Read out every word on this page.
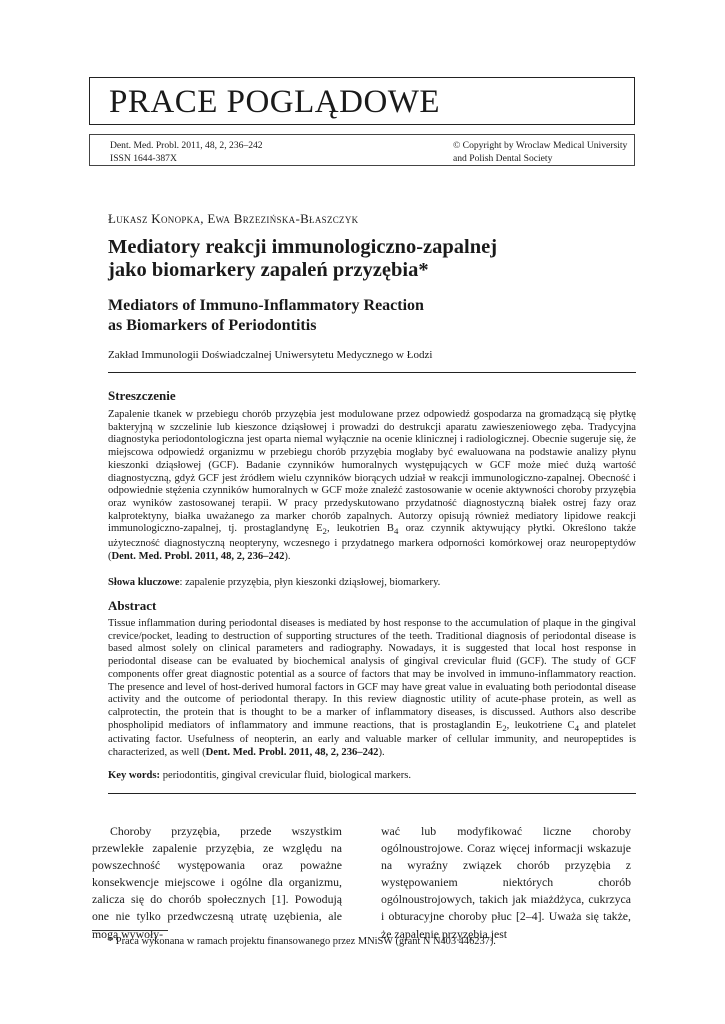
PRACE POGLĄDOWE
Dent. Med. Probl. 2011, 48, 2, 236–242
ISSN 1644-387X
© Copyright by Wroclaw Medical University
and Polish Dental Society
Łukasz Konopka, Ewa Brzezińska-Błaszczyk
Mediatory reakcji immunologiczno-zapalnej
jako biomarkery zapaleń przyzębia*
Mediators of Immuno-Inflammatory Reaction
as Biomarkers of Periodontitis
Zakład Immunologii Doświadczalnej Uniwersytetu Medycznego w Łodzi
Streszczenie
Zapalenie tkanek w przebiegu chorób przyzębia jest modulowane przez odpowiedź gospodarza na gromadzącą się płytkę bakteryjną w szczelinie lub kieszonce dziąsłowej i prowadzi do destrukcji aparatu zawieszeniowego zęba. Tradycyjna diagnostyka periodontologiczna jest oparta niemal wyłącznie na ocenie klinicznej i radiologicznej. Obecnie sugeruje się, że miejscowa odpowiedź organizmu w przebiegu chorób przyzębia mogłaby być ewaluowana na podstawie analizy płynu kieszonki dziąsłowej (GCF). Badanie czynników humoralnych występujących w GCF może mieć dużą wartość diagnostyczną, gdyż GCF jest źródłem wielu czynników biorących udział w reakcji immunologiczno-zapalnej. Obecność i odpowiednie stężenia czynników humoralnych w GCF może znaleźć zastosowanie w ocenie aktywności choroby przyzębia oraz wyników zastosowanej terapii. W pracy przedyskutowano przydatność diagnostyczną białek ostrej fazy oraz kalprotektyny, białka uważanego za marker chorób zapalnych. Autorzy opisują również mediatory lipidowe reakcji immunologiczno-zapalnej, tj. prostaglandynę $E_2$, leukotrien $B_4$ oraz czynnik aktywujący płytki. Określono także użyteczność diagnostyczną neopteryny, wczesnego i przydatnego markera odporności komórkowej oraz neuropeptydów (Dent. Med. Probl. 2011, 48, 2, 236–242).
Słowa kluczowe: zapalenie przyzębia, płyn kieszonki dziąsłowej, biomarkery.
Abstract
Tissue inflammation during periodontal diseases is mediated by host response to the accumulation of plaque in the gingival crevice/pocket, leading to destruction of supporting structures of the teeth. Traditional diagnosis of periodontal disease is based almost solely on clinical parameters and radiography. Nowadays, it is suggested that local host response in periodontal disease can be evaluated by biochemical analysis of gingival crevicular fluid (GCF). The study of GCF components offer great diagnostic potential as a source of factors that may be involved in immuno-inflammatory reaction. The presence and level of host-derived humoral factors in GCF may have great value in evaluating both periodontal disease activity and the outcome of periodontal therapy. In this review diagnostic utility of acute-phase protein, as well as calprotectin, the protein that is thought to be a marker of inflammatory diseases, is discussed. Authors also describe phospholipid mediators of inflammatory and immune reactions, that is prostaglandin $E_2$, leukotriene $C_4$ and platelet activating factor. Usefulness of neopterin, an early and valuable marker of cellular immunity, and neuropeptides is characterized, as well (Dent. Med. Probl. 2011, 48, 2, 236–242).
Key words: periodontitis, gingival crevicular fluid, biological markers.
Choroby przyzębia, przede wszystkim przewlekłe zapalenie przyzębia, ze względu na powszechność występowania oraz poważne konsekwencje miejscowe i ogólne dla organizmu, zalicza się do chorób społecznych [1]. Powodują one nie tylko przedwczesną utratę uzębienia, ale mogą wywoły-
wać lub modyfikować liczne choroby ogólnoustrojowe. Coraz więcej informacji wskazuje na wyraźny związek chorób przyzębia z występowaniem niektórych chorób ogólnoustrojowych, takich jak miażdżyca, cukrzyca i obturacyjne choroby płuc [2–4]. Uważa się także, że zapalenie przyzębia jest
* Praca wykonana w ramach projektu finansowanego przez MNiSW (grant N N403 446237).
